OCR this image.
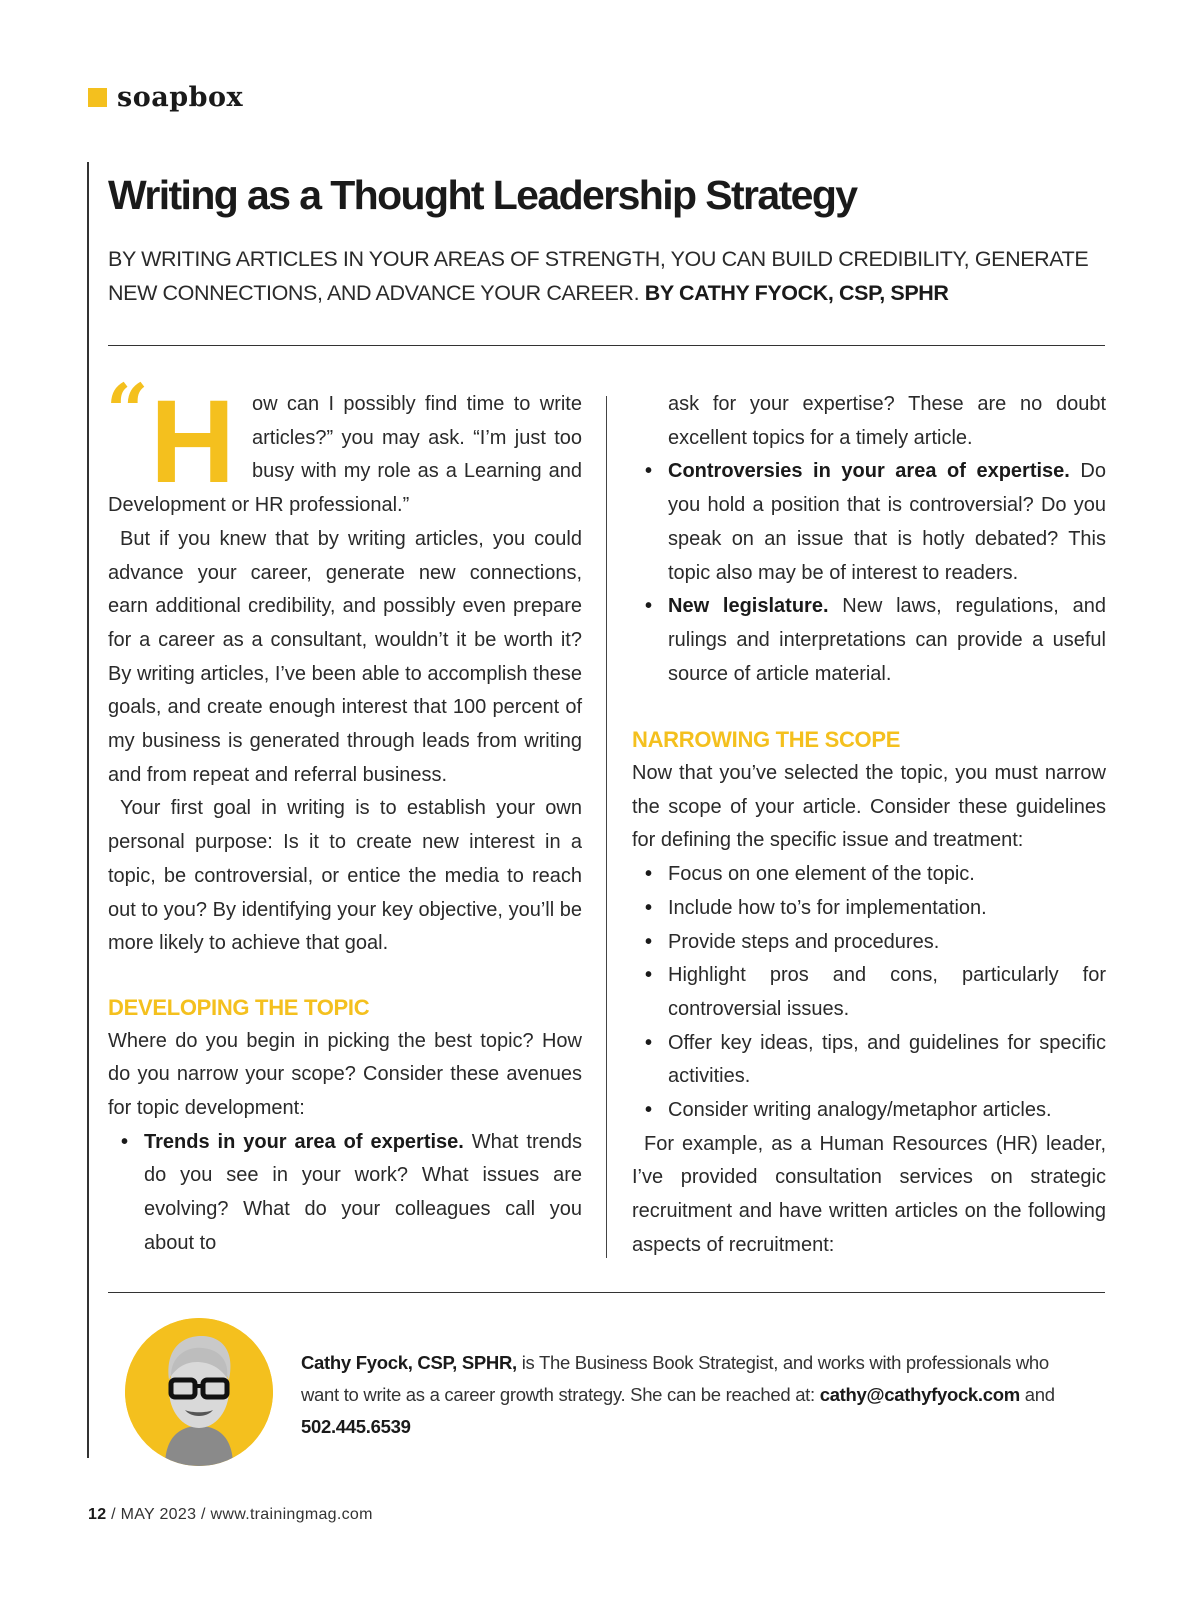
soapbox
Writing as a Thought Leadership Strategy

BY WRITING ARTICLES IN YOUR AREAS OF STRENGTH, YOU CAN BUILD CREDIBILITY, GENERATE NEW CONNECTIONS, AND ADVANCE YOUR CAREER. BY CATHY FYOCK, CSP, SPHR

“ H ow can I possibly find time to write articles?” you may ask. “I’m just too busy with my role as a Learning and Development or HR professional.”

But if you knew that by writing articles, you could advance your career, generate new connections, earn additional credibility, and possibly even prepare for a career as a consultant, wouldn’t it be worth it? By writing articles, I’ve been able to accomplish these goals, and create enough interest that 100 percent of my business is generated through leads from writing and from repeat and referral business.

Your first goal in writing is to establish your own personal purpose: Is it to create new interest in a topic, be controversial, or entice the media to reach out to you? By identifying your key objective, you’ll be more likely to achieve that goal.

DEVELOPING THE TOPIC

Where do you begin in picking the best topic? How do you narrow your scope? Consider these avenues for topic development:

• Trends in your area of expertise. What trends do you see in your work? What issues are evolving? What do your colleagues call you about to

ask for your expertise? These are no doubt excellent topics for a timely article.

• Controversies in your area of expertise. Do you hold a position that is controversial? Do you speak on an issue that is hotly debated? This topic also may be of interest to readers.
• New legislature. New laws, regulations, and rulings and interpretations can provide a useful source of article material.

NARROWING THE SCOPE

Now that you’ve selected the topic, you must narrow the scope of your article. Consider these guidelines for defining the specific issue and treatment:

• Focus on one element of the topic.
• Include how to’s for implementation.
• Provide steps and procedures.
• Highlight pros and cons, particularly for controversial issues.
• Offer key ideas, tips, and guidelines for specific activities.
• Consider writing analogy/metaphor articles.

For example, as a Human Resources (HR) leader, I’ve provided consultation services on strategic recruitment and have written articles on the following aspects of recruitment:

Cathy Fyock, CSP, SPHR, is The Business Book Strategist, and works with professionals who want to write as a career growth strategy. She can be reached at: cathy@cathyfyock.com and 502.445.6539
12 / MAY 2023 / www.trainingmag.com
